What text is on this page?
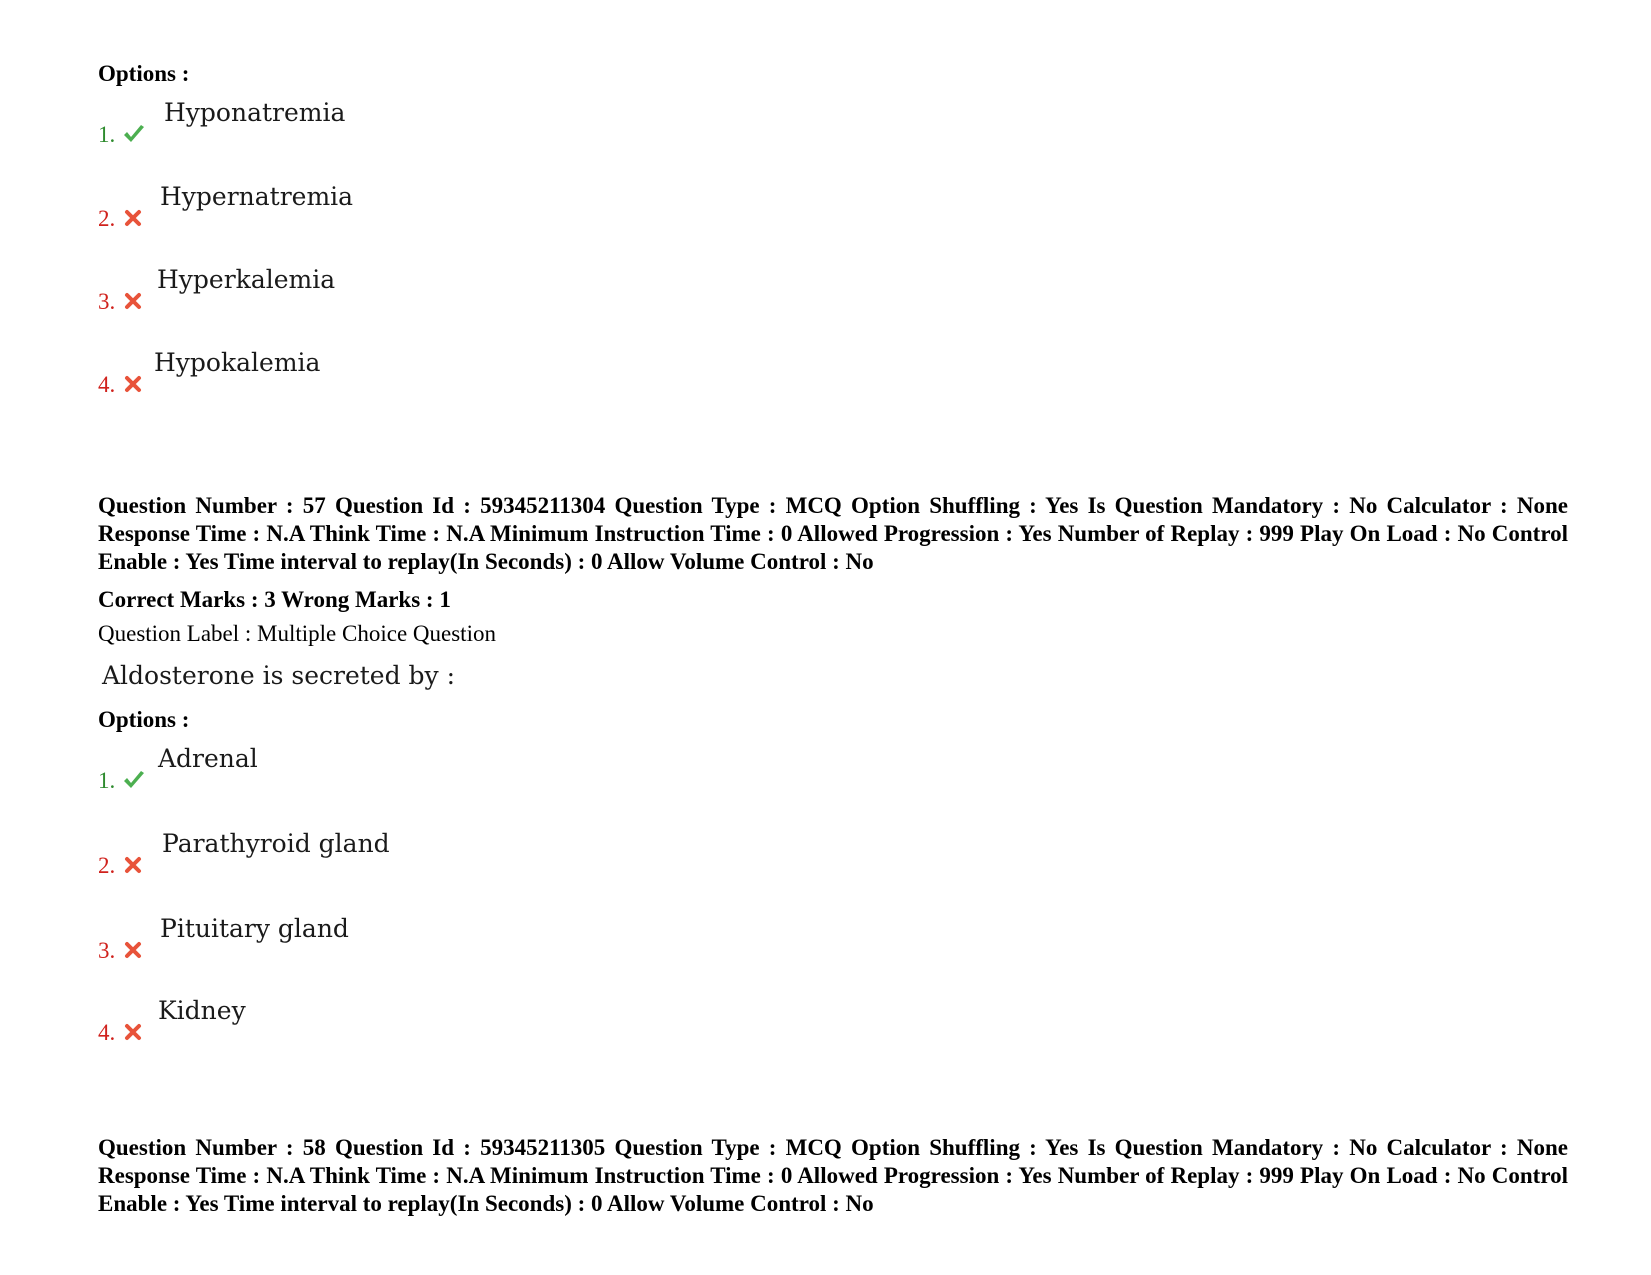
Options :
1.
Hyponatremia
2.
Hypernatremia
3.
Hyperkalemia
4.
Hypokalemia
Question Number : 57 Question Id : 59345211304 Question Type : MCQ Option Shuffling : Yes Is Question Mandatory : No Calculator : None Response Time : N.A Think Time : N.A Minimum Instruction Time : 0 Allowed Progression : Yes Number of Replay : 999 Play On Load : No Control Enable : Yes Time interval to replay(In Seconds) : 0 Allow Volume Control : No
Correct Marks : 3 Wrong Marks : 1
Question Label : Multiple Choice Question
Aldosterone is secreted by :
Options :
1.
Adrenal
2.
Parathyroid gland
3.
Pituitary gland
4.
Kidney
Question Number : 58 Question Id : 59345211305 Question Type : MCQ Option Shuffling : Yes Is Question Mandatory : No Calculator : None Response Time : N.A Think Time : N.A Minimum Instruction Time : 0 Allowed Progression : Yes Number of Replay : 999 Play On Load : No Control Enable : Yes Time interval to replay(In Seconds) : 0 Allow Volume Control : No
